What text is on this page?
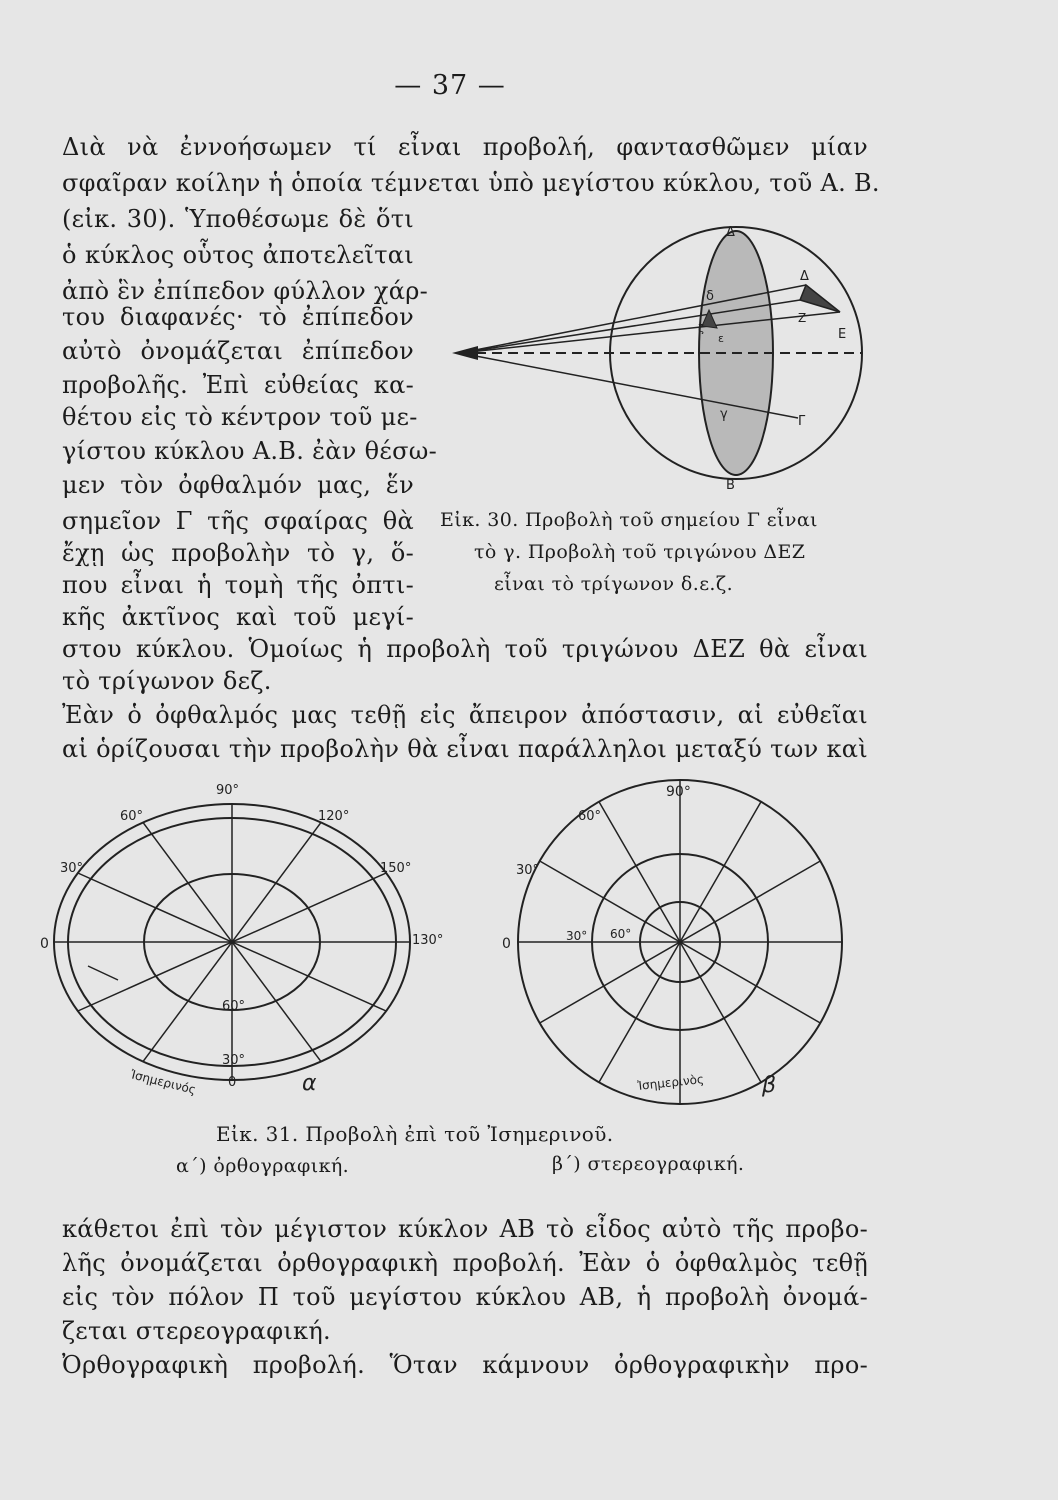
— 37 —
Διὰ νὰ ἐννοήσωμεν τί εἶναι προβολή, φαντασθῶμεν μίαν
σφαῖραν κοίλην ἡ ὁποία τέμνεται ὑπὸ μεγίστου κύκλου, τοῦ Α. Β.
(εἰκ. 30). Ὑποθέσωμε δὲ ὅτι
ὁ κύκλος οὗτος ἀποτελεῖται
ἀπὸ ἓν ἐπίπεδον φύλλον χάρ-
του διαφανές· τὸ ἐπίπεδον
αὐτὸ ὀνομάζεται ἐπίπεδον
προβολῆς. Ἐπὶ εὐθείας κα-
θέτου εἰς τὸ κέντρον τοῦ με-
γίστου κύκλου Α.Β. ἐὰν θέσω-
μεν τὸν ὀφθαλμόν μας, ἕν
σημεῖον Γ τῆς σφαίρας θὰ
ἔχῃ ὡς προβολὴν τὸ γ, ὅ-
που εἶναι ἡ τομὴ τῆς ὀπτι-
κῆς ἀκτῖνος καὶ τοῦ μεγί-
στου κύκλου. Ὁμοίως ἡ προβολὴ τοῦ τριγώνου ΔΕΖ θὰ εἶναι
τὸ τρίγωνον δεζ.
Ἐὰν ὁ ὀφθαλμός μας τεθῇ εἰς ἄπειρον ἀπόστασιν, αἱ εὐθεῖαι
αἱ ὁρίζουσαι τὴν προβολὴν θὰ εἶναι παράλληλοι μεταξύ των καὶ
Δ
Β
Δ
Ζ
Ε
Γ
δ
ζ
ε
γ
Εἰκ. 30. Προβολὴ τοῦ σημείου Γ εἶναι
τὸ γ. Προβολὴ τοῦ τριγώνου ΔΕΖ
εἶναι τὸ τρίγωνον δ.ε.ζ.
90°
60°	120°
30°	150°
0	130°
60°
30°
0
Ἰσημερινός	α
90°
60°
30°
0	30° 60°
Ἰσημερινὸς	β
Εἰκ. 31. Προβολὴ ἐπὶ τοῦ Ἰσημερινοῦ.
α΄) ὀρθογραφική.	β΄) στερεογραφική.
κάθετοι ἐπὶ τὸν μέγιστον κύκλον ΑΒ τὸ εἶδος αὐτὸ τῆς προβο-
λῆς ὀνομάζεται ὀρθογραφικὴ προβολή. Ἐὰν ὁ ὀφθαλμὸς τεθῇ
εἰς τὸν πόλον Π τοῦ μεγίστου κύκλου ΑΒ, ἡ προβολὴ ὀνομά-
ζεται στερεογραφική.
Ὀρθογραφικὴ προβολή. Ὅταν κάμνουν ὀρθογραφικὴν προ-
